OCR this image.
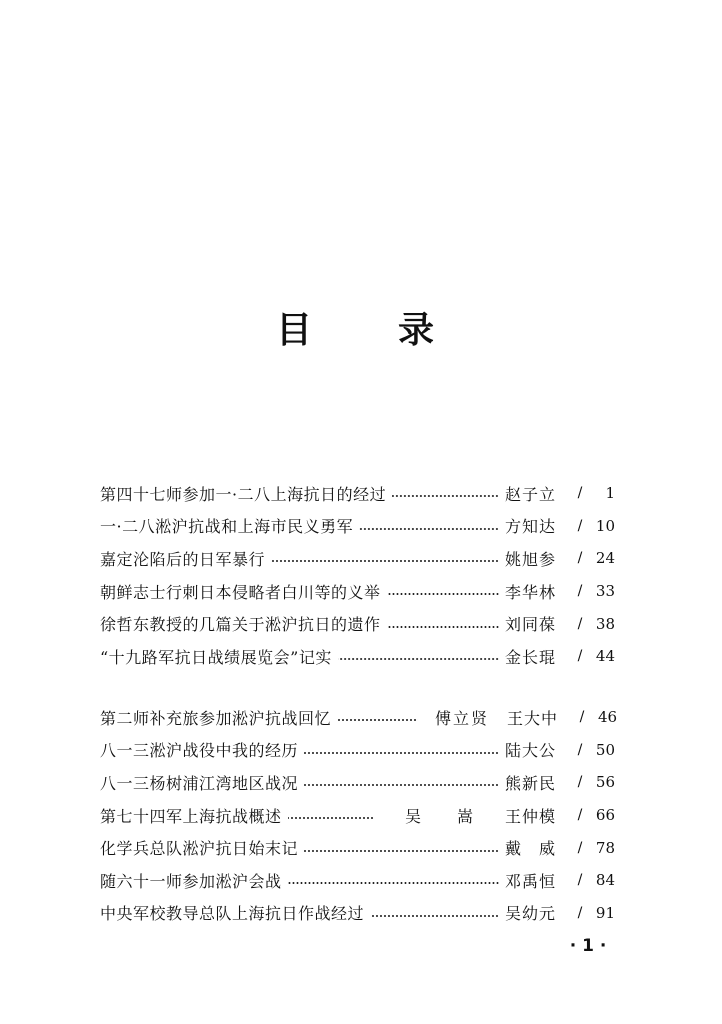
目 录
第四十七师参加一·二八上海抗日的经过	赵子立	/	1
一·二八淞沪抗战和上海市民义勇军	方知达	/ 10
嘉定沦陷后的日军暴行	姚旭参	/ 24
朝鲜志士行刺日本侵略者白川等的义举	李华林	/ 33
徐哲东教授的几篇关于淞沪抗日的遗作	刘同葆	/ 38
“十九路军抗日战绩展览会”记实	金长琨	/ 44
第二师补充旅参加淞沪抗战回忆	傅立贤 王大中	/ 46
八一三淞沪战役中我的经历	陆大公	/ 50
八一三杨树浦江湾地区战况	熊新民	/ 56
第七十四军上海抗战概述	吴　嵩 王仲模	/ 66
化学兵总队淞沪抗日始末记	戴　威	/ 78
随六十一师参加淞沪会战	邓禹恒	/ 84
中央军校教导总队上海抗日作战经过	吴幼元	/ 91
· 1 ·
